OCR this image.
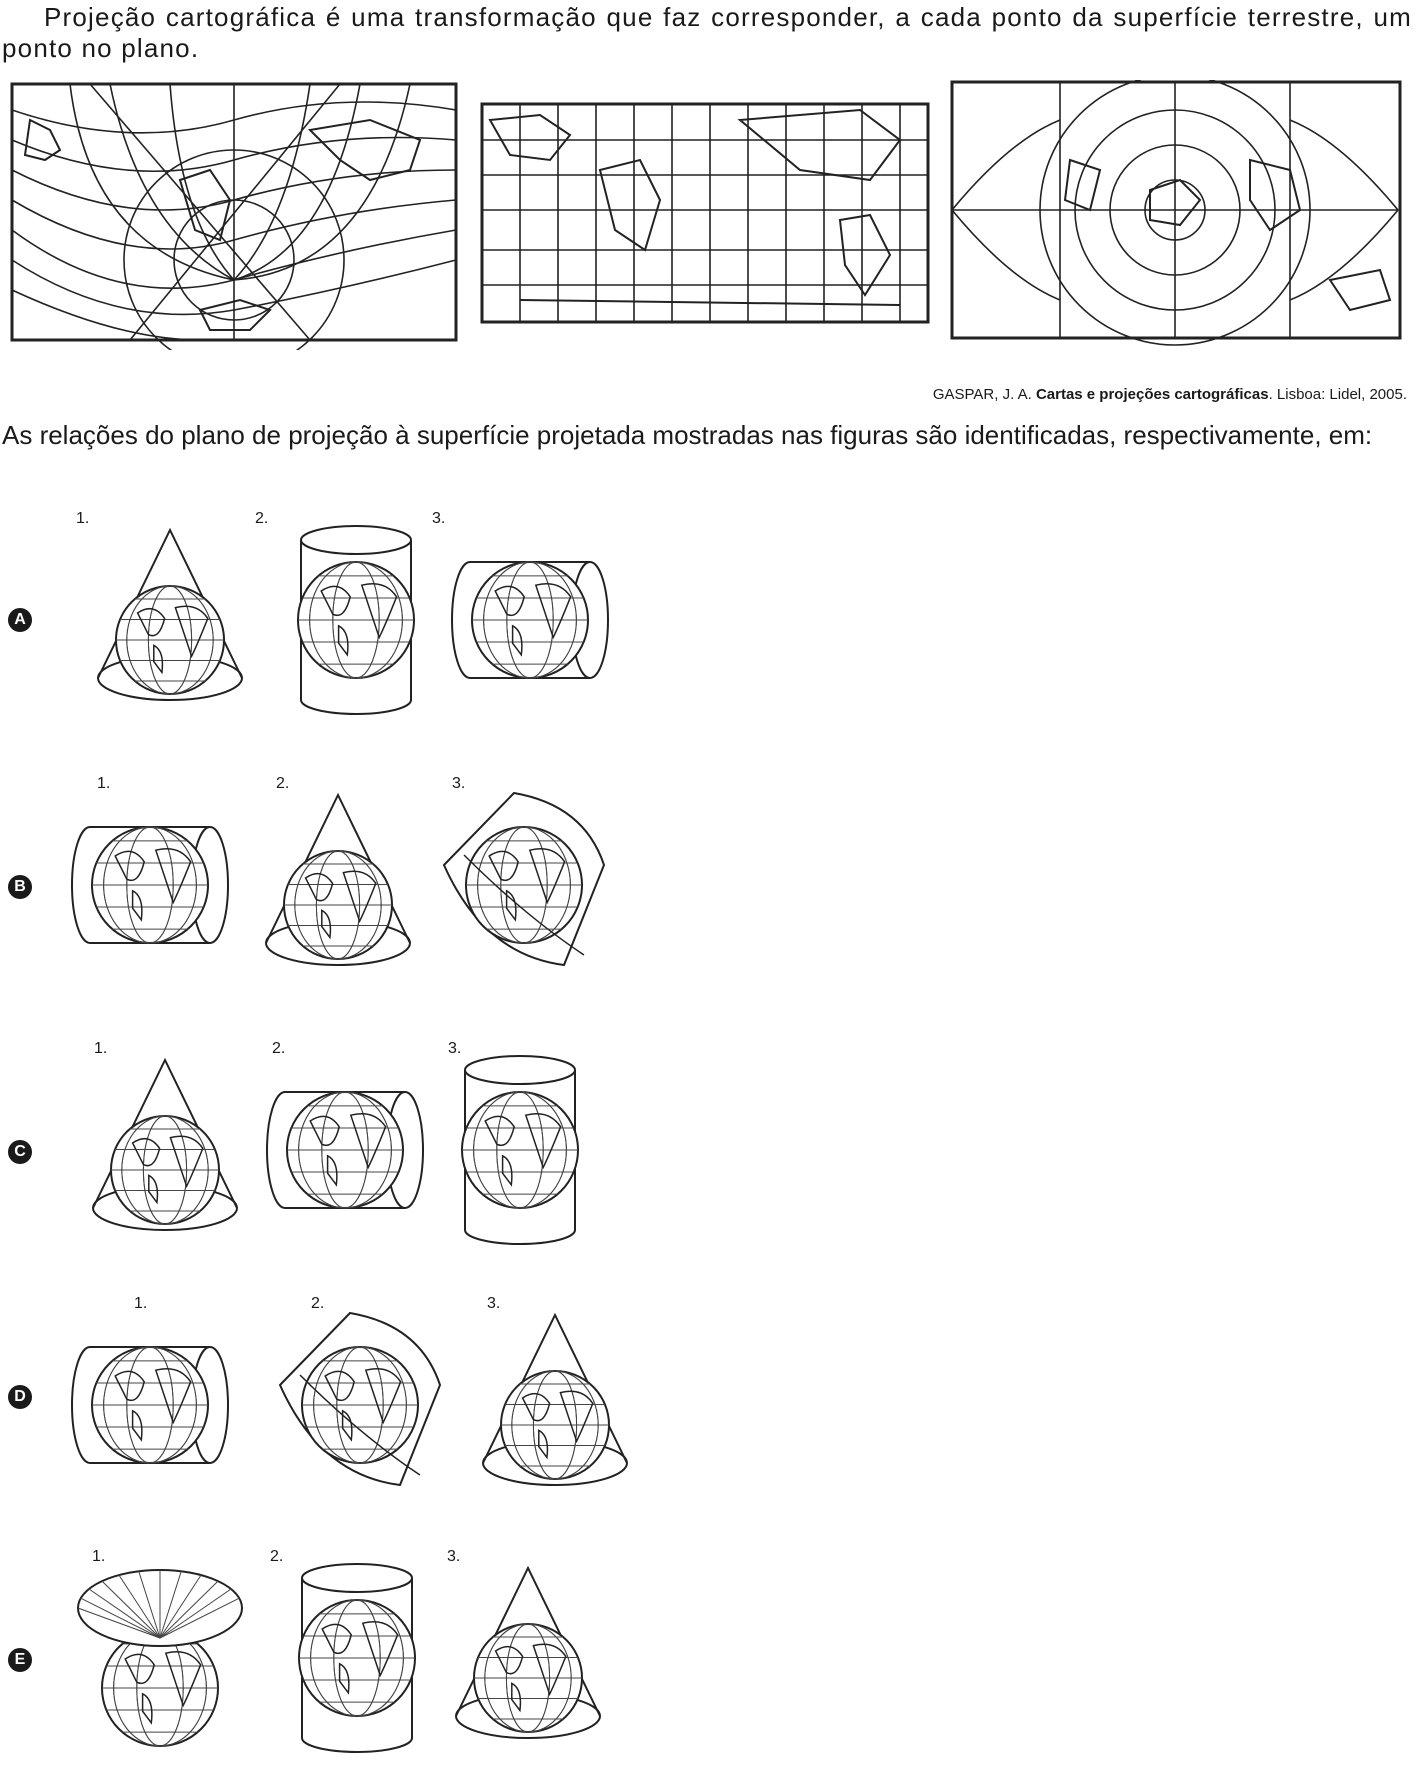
Projeção cartográfica é uma transformação que faz corresponder, a cada ponto da superfície terrestre, um ponto no plano.

GASPAR, J. A. Cartas e projeções cartográficas. Lisboa: Lidel, 2005.

As relações do plano de projeção à superfície projetada mostradas nas figuras são identificadas, respectivamente, em:

A
1.	2.	3.
B
1.	2.	3.
C
1.	2.	3.
D
1.	2.	3.
E
1.	2.	3.
